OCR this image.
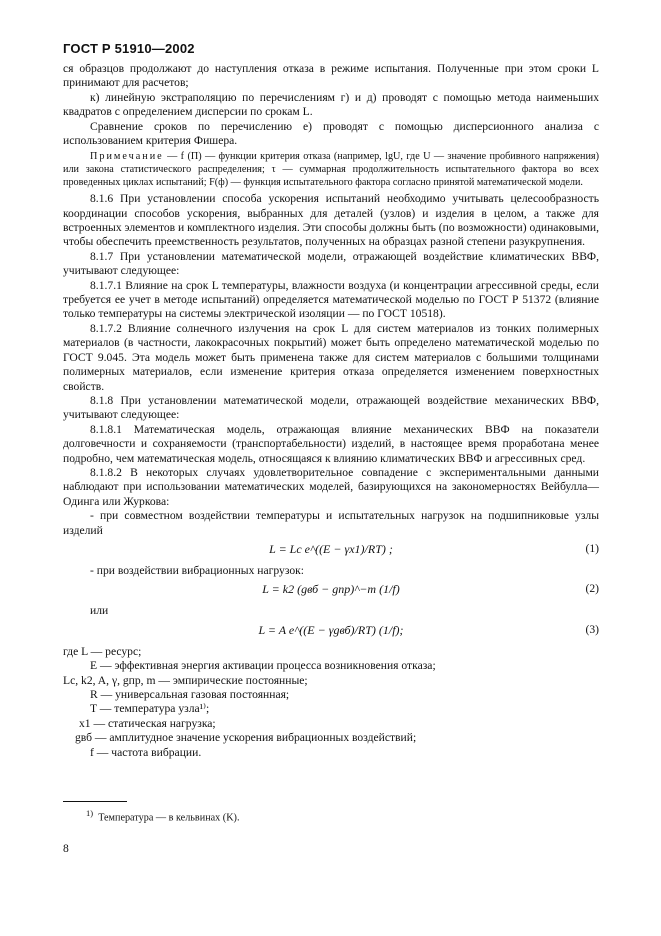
ГОСТ Р 51910—2002

ся образцов продолжают до наступления отказа в режиме испытания. Полученные при этом сроки L принимают для расчетов;

к) линейную экстраполяцию по перечислениям г) и д) проводят с помощью метода наименьших квадратов с определением дисперсии по срокам L.

Сравнение сроков по перечислению е) проводят с помощью дисперсионного анализа с использованием критерия Фишера.

Примечание — f (П) — функции критерия отказа (например, lgU, где U — значение пробивного напряжения) или закона статистического распределения; τ — суммарная продолжительность испытательного фактора во всех проведенных циклах испытаний; F(ф) — функция испытательного фактора согласно принятой математической модели.

8.1.6 При установлении способа ускорения испытаний необходимо учитывать целесообразность координации способов ускорения, выбранных для деталей (узлов) и изделия в целом, а также для встроенных элементов и комплектного изделия. Эти способы должны быть (по возможности) одинаковыми, чтобы обеспечить преемственность результатов, полученных на образцах разной степени разукрупнения.

8.1.7 При установлении математической модели, отражающей воздействие климатических ВВФ, учитывают следующее:

8.1.7.1 Влияние на срок L температуры, влажности воздуха (и концентрации агрессивной среды, если требуется ее учет в методе испытаний) определяется математической моделью по ГОСТ Р 51372 (влияние только температуры на системы электрической изоляции — по ГОСТ 10518).

8.1.7.2 Влияние солнечного излучения на срок L для систем материалов из тонких полимерных материалов (в частности, лакокрасочных покрытий) может быть определено математической моделью по ГОСТ 9.045. Эта модель может быть применена также для систем материалов с большими толщинами полимерных материалов, если изменение критерия отказа определяется изменением поверхностных свойств.

8.1.8 При установлении математической модели, отражающей воздействие механических ВВФ, учитывают следующее:

8.1.8.1 Математическая модель, отражающая влияние механических ВВФ на показатели долговечности и сохраняемости (транспортабельности) изделий, в настоящее время проработана менее подробно, чем математическая модель, относящаяся к влиянию климатических ВВФ и агрессивных сред.

8.1.8.2 В некоторых случаях удовлетворительное совпадение с экспериментальными данными наблюдают при использовании математических моделей, базирующихся на закономерностях Вейбулла—Одинга или Журкова:

- при совместном воздействии температуры и испытательных нагрузок на подшипниковые узлы изделий

L = Lc e^((E − γx1)/RT) ;	(1)

- при воздействии вибрационных нагрузок:

L = k2 (gвб − gпр)^−m (1/f)	(2)

или

L = A e^((E − γgвб)/RT) (1/f);	(3)

где L — ресурс;

E — эффективная энергия активации процесса возникновения отказа;

Lc, k2, A, γ, gпр, m — эмпирические постоянные;

R — универсальная газовая постоянная;

T — температура узла¹⁾;

x1 — статическая нагрузка;

gвб — амплитудное значение ускорения вибрационных воздействий;

f — частота вибрации.

$^{1)}$ Температура — в кельвинах (K).
8
